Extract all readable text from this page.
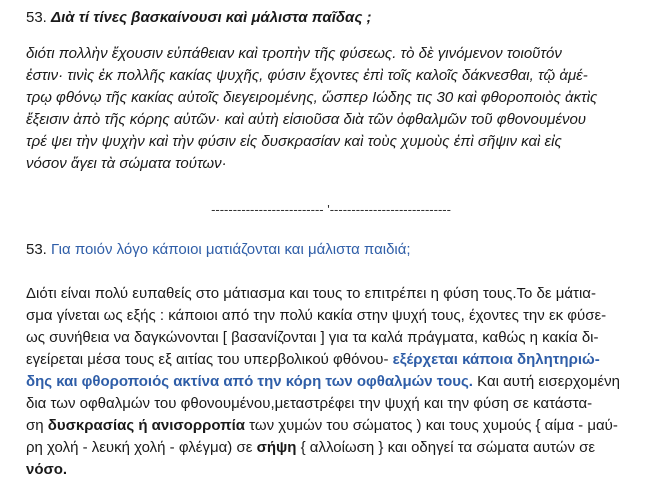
53. Διὰ τί τίνες βασκαίνουσι καὶ μάλιστα παῖδας ;
διότι πολλὴν ἔχουσιν εὐπάθειαν καὶ τροπὴν τῆς φύσεως. τὸ δὲ γινόμενον τοιοῦτόν
ἐστιν· τινὶς ἐκ πολλῆς κακίας ψυχῆς, φύσιν ἔχοντες ἐπὶ τοῖς καλοῖς δάκνεσθαι, τῷ ἀμέ-
τρῳ φθόνῳ τῆς κακίας αὐτοῖς διεγειρομένης, ὥσπερ Ιώδης τις 30 καὶ φθοροποιὸς ἀκτὶς
ἔξεισιν ἀπὸ τῆς κόρης αὐτῶν· καὶ αὐτὴ εἰσιοῦσα διὰ τῶν ὀφθαλμῶν τοῦ φθονουμένου
τρέ ψει τὴν ψυχὴν καὶ τὴν φύσιν εἰς δυσκρασίαν καὶ τοὺς χυμοὺς ἐπὶ σῆψιν καὶ εἰς
νόσον ἄγει τὰ σώματα τούτων·
-------------------------- '----------------------------
53. Για ποιόν λόγο κάποιοι ματιάζονται και μάλιστα παιδιά;
Διότι είναι πολύ ευπαθείς στο μάτιασμα και τους το επιτρέπει η φύση τους.Το δε μάτια-
σμα γίνεται ως εξής : κάποιοι από την πολύ κακία στην ψυχή τους, έχοντες την εκ φύσε-
ως συνήθεια να δαγκώνονται [ βασανίζονται ] για τα καλά πράγματα, καθώς η κακία δι-
εγείρεται μέσα τους εξ αιτίας του υπερβολικού φθόνου- εξέρχεται κάποια δηλητηριώ-
δης και φθοροποιός ακτίνα από την κόρη των οφθαλμών τους. Και αυτή εισερχομένη
δια των οφθαλμών του φθονουμένου,μεταστρέφει την ψυχή και την φύση σε κατάστα-
ση δυσκρασίας ή ανισορροπία των χυμών του σώματος ) και τους χυμούς { αίμα - μαύ-
ρη χολή - λευκή χολή - φλέγμα) σε σήψη { αλλοίωση } και οδηγεί τα σώματα αυτών σε
νόσο.
